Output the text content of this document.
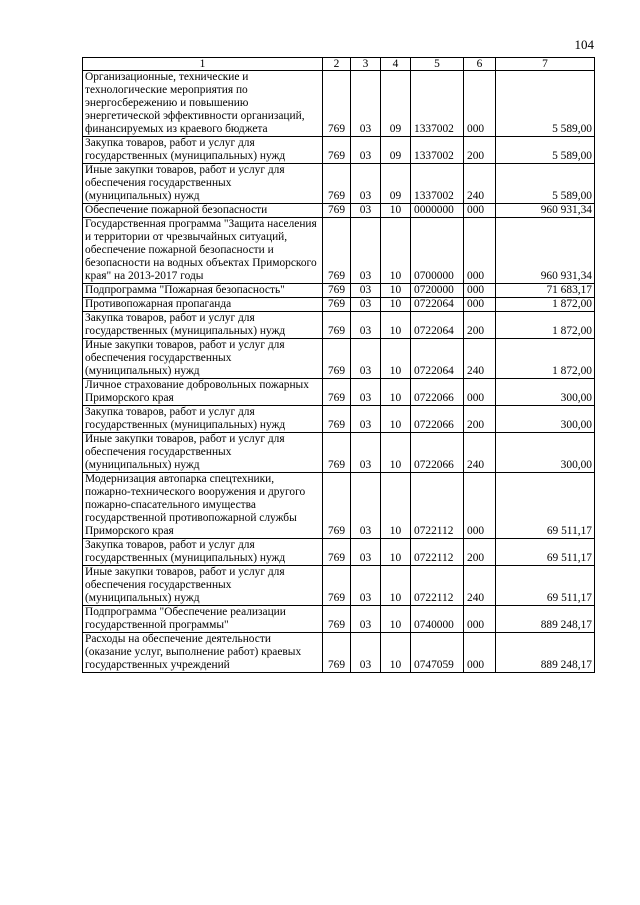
104
1	2	3	4	5	6	7
Организационные, технические и технологические мероприятия по энергосбережению и повышению энергетической эффективности организаций, финансируемых из краевого бюджета	769	03	09	1337002	000	5 589,00
Закупка товаров, работ и услуг для государственных (муниципальных) нужд	769	03	09	1337002	200	5 589,00
Иные закупки товаров, работ и услуг для обеспечения государственных (муниципальных) нужд	769	03	09	1337002	240	5 589,00
Обеспечение пожарной безопасности	769	03	10	0000000	000	960 931,34
Государственная программа "Защита населения и территории от чрезвычайных ситуаций, обеспечение пожарной безопасности и безопасности на водных объектах Приморского края" на 2013-2017 годы	769	03	10	0700000	000	960 931,34
Подпрограмма "Пожарная безопасность"	769	03	10	0720000	000	71 683,17
Противопожарная пропаганда	769	03	10	0722064	000	1 872,00
Закупка товаров, работ и услуг для государственных (муниципальных) нужд	769	03	10	0722064	200	1 872,00
Иные закупки товаров, работ и услуг для обеспечения государственных (муниципальных) нужд	769	03	10	0722064	240	1 872,00
Личное страхование добровольных пожарных Приморского края	769	03	10	0722066	000	300,00
Закупка товаров, работ и услуг для государственных (муниципальных) нужд	769	03	10	0722066	200	300,00
Иные закупки товаров, работ и услуг для обеспечения государственных (муниципальных) нужд	769	03	10	0722066	240	300,00
Модернизация автопарка спецтехники, пожарно-технического вооружения и другого пожарно-спасательного имущества государственной противопожарной службы Приморского края	769	03	10	0722112	000	69 511,17
Закупка товаров, работ и услуг для государственных (муниципальных) нужд	769	03	10	0722112	200	69 511,17
Иные закупки товаров, работ и услуг для обеспечения государственных (муниципальных) нужд	769	03	10	0722112	240	69 511,17
Подпрограмма "Обеспечение реализации государственной программы"	769	03	10	0740000	000	889 248,17
Расходы на обеспечение деятельности (оказание услуг, выполнение работ) краевых государственных учреждений	769	03	10	0747059	000	889 248,17
